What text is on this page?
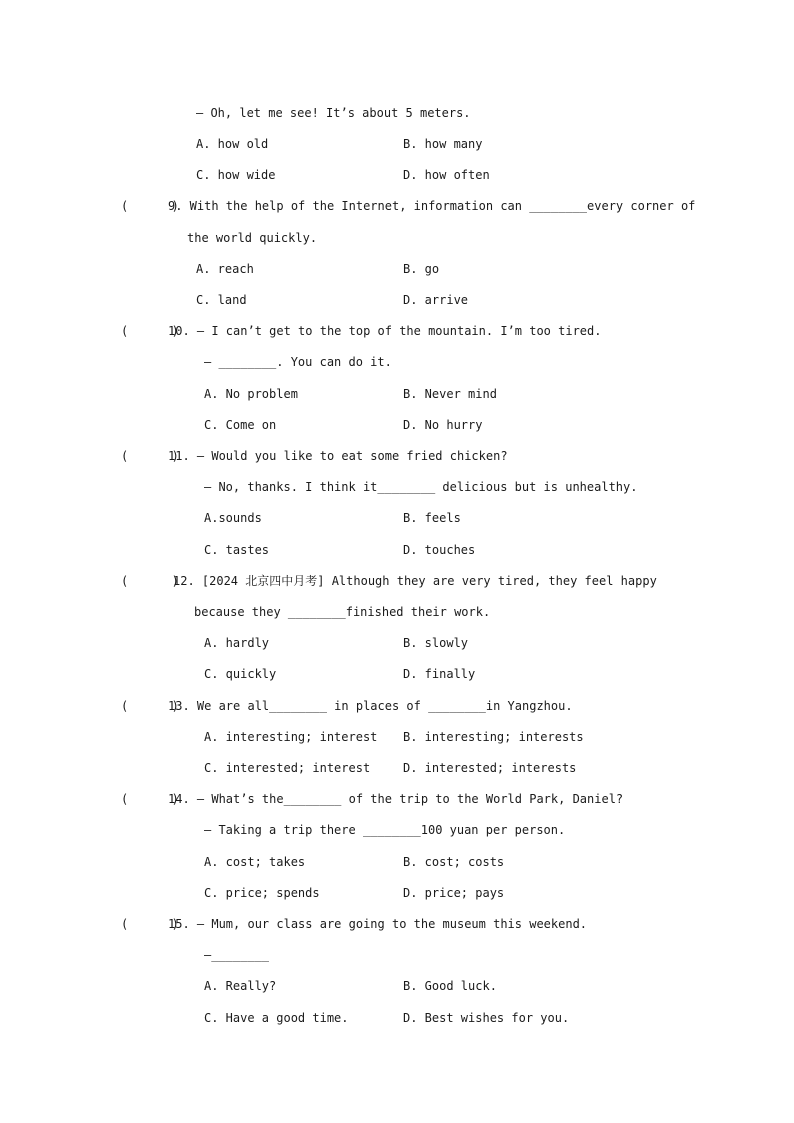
— Oh, let me see! It’s about 5 meters.
A. how old	B. how many
C. how wide	D. how often
(      )
9. With the help of the Internet, information can ________every corner of
the world quickly.
A. reach	B. go
C. land	D. arrive
(      )
10. — I can’t get to the top of the mountain. I’m too tired.
— ________. You can do it.
A. No problem	B. Never mind
C. Come on	D. No hurry
(      )
11. — Would you like to eat some fried chicken?
— No, thanks. I think it________ delicious but is unhealthy.
A.sounds	B. feels
C. tastes	D. touches
(      )
12. [2024 北京四中月考] Although they are very tired, they feel happy
because they ________finished their work.
A. hardly	B. slowly
C. quickly	D. finally
(      )
13. We are all________ in places of ________in Yangzhou.
A. interesting; interest B. interesting; interests
C. interested; interest	D. interested; interests
(      )
14. — What’s the________ of the trip to the World Park, Daniel?
— Taking a trip there ________100 yuan per person.
A. cost; takes	B. cost; costs
C. price; spends	D. price; pays
(      )
15. — Mum, our class are going to the museum this weekend.
—________
A. Really?	B. Good luck.
C. Have a good time.	D. Best wishes for you.
